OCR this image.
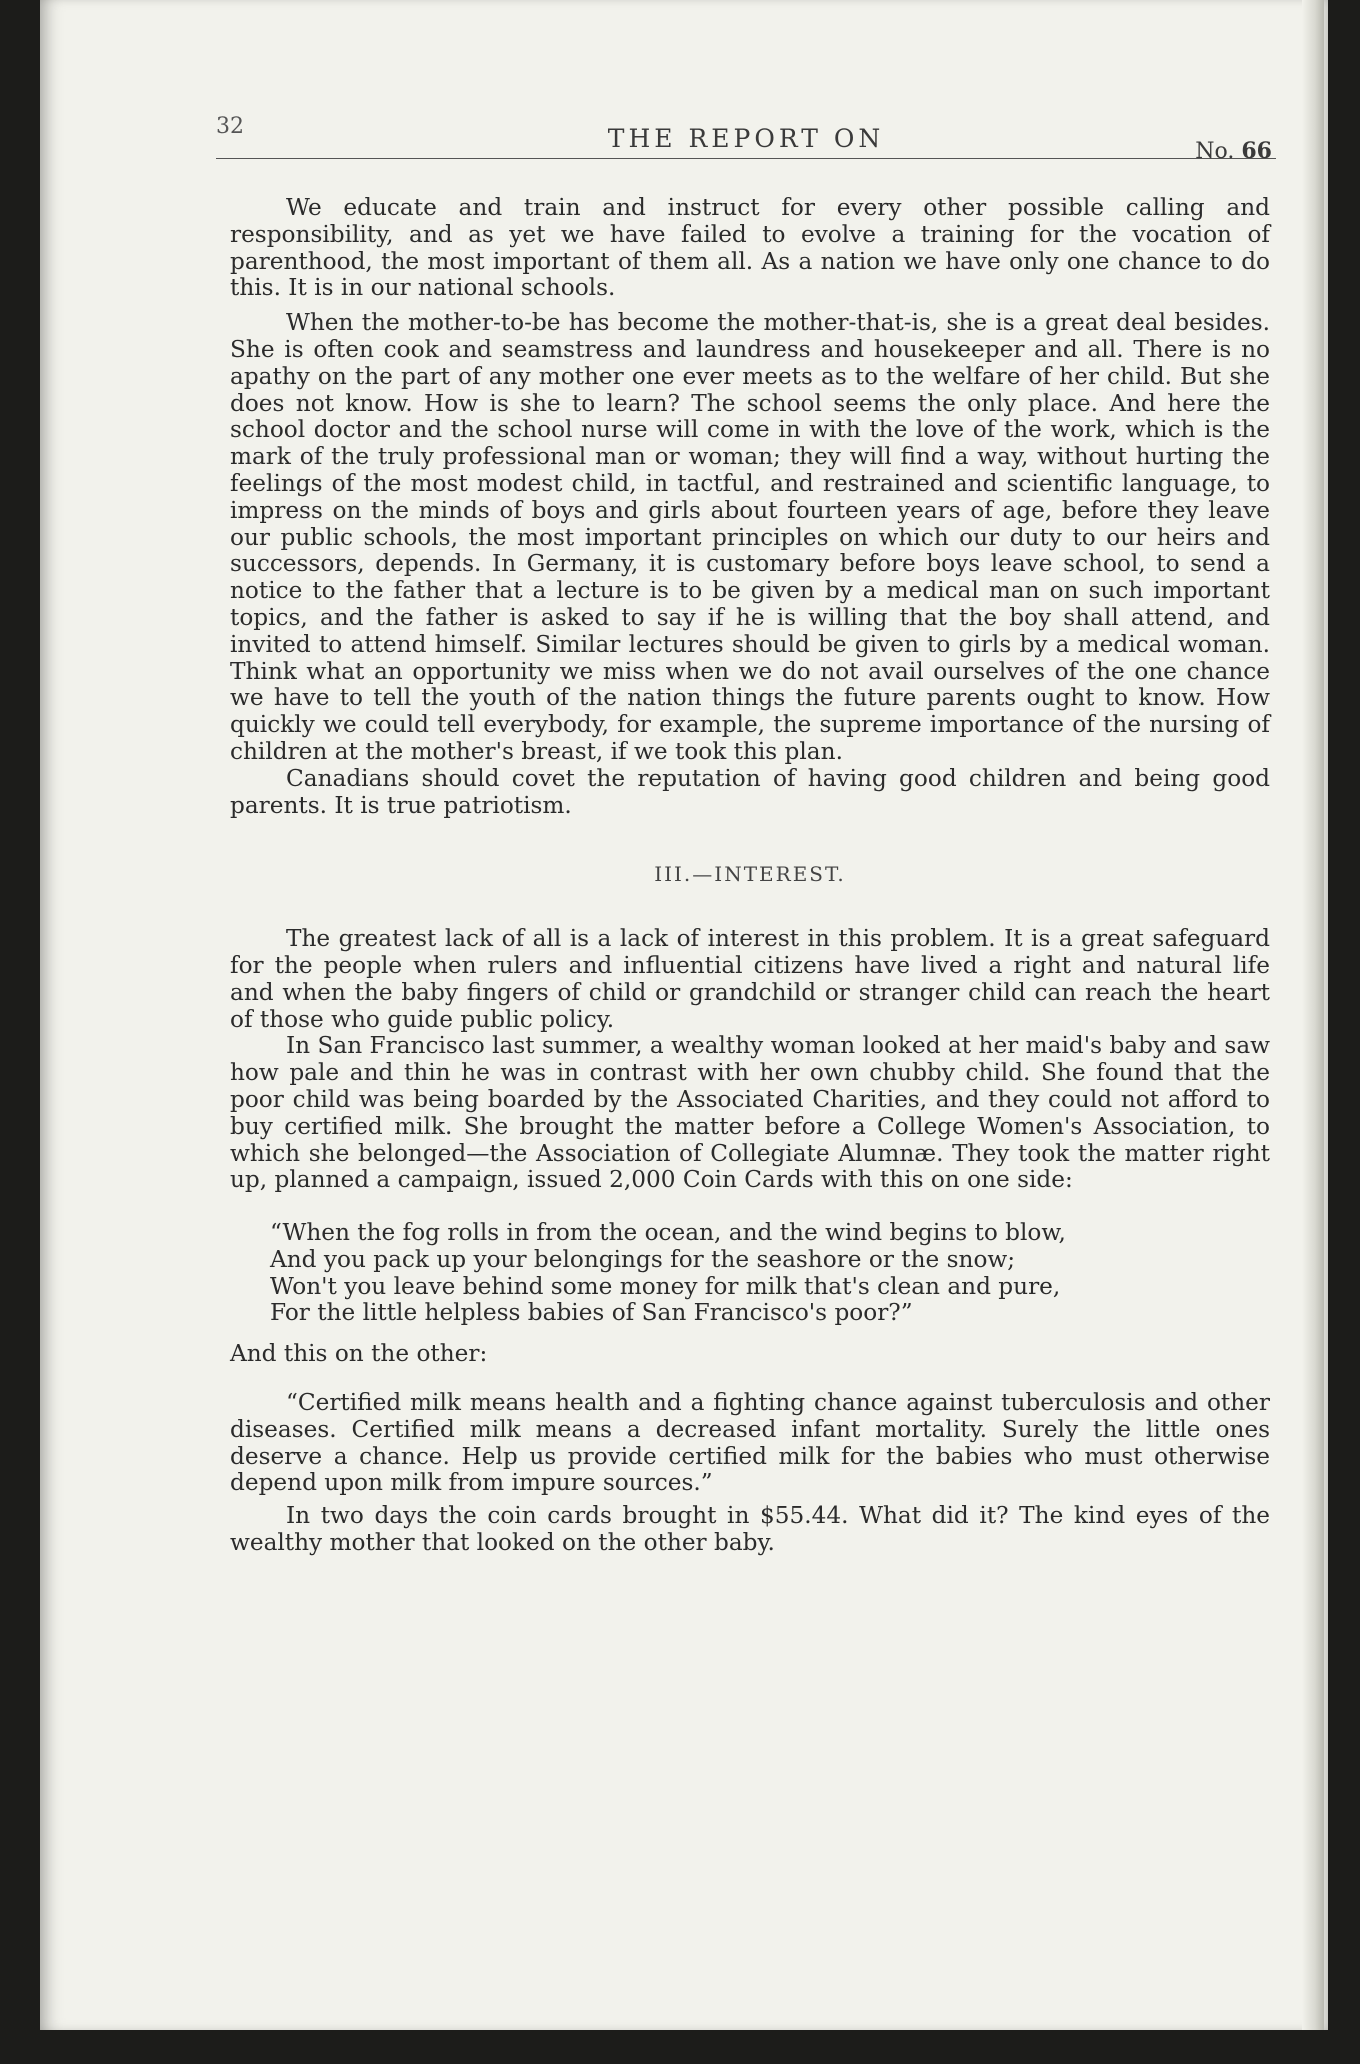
32	THE REPORT ON	No. 66

We educate and train and instruct for every other possible calling and responsibility, and as yet we have failed to evolve a training for the vocation of parenthood, the most important of them all. As a nation we have only one chance to do this. It is in our national schools.

When the mother-to-be has become the mother-that-is, she is a great deal besides. She is often cook and seamstress and laundress and housekeeper and all. There is no apathy on the part of any mother one ever meets as to the welfare of her child. But she does not know. How is she to learn? The school seems the only place. And here the school doctor and the school nurse will come in with the love of the work, which is the mark of the truly professional man or woman; they will find a way, without hurting the feelings of the most modest child, in tactful, and restrained and scientific language, to impress on the minds of boys and girls about fourteen years of age, before they leave our public schools, the most important principles on which our duty to our heirs and successors, depends. In Germany, it is customary before boys leave school, to send a notice to the father that a lecture is to be given by a medical man on such important topics, and the father is asked to say if he is willing that the boy shall attend, and invited to attend himself. Similar lectures should be given to girls by a medical woman. Think what an opportunity we miss when we do not avail ourselves of the one chance we have to tell the youth of the nation things the future parents ought to know. How quickly we could tell everybody, for example, the supreme importance of the nursing of children at the mother's breast, if we took this plan.

Canadians should covet the reputation of having good children and being good parents. It is true patriotism.

III.—INTEREST.

The greatest lack of all is a lack of interest in this problem. It is a great safeguard for the people when rulers and influential citizens have lived a right and natural life and when the baby fingers of child or grandchild or stranger child can reach the heart of those who guide public policy.

In San Francisco last summer, a wealthy woman looked at her maid's baby and saw how pale and thin he was in contrast with her own chubby child. She found that the poor child was being boarded by the Associated Charities, and they could not afford to buy certified milk. She brought the matter before a College Women's Association, to which she belonged—the Association of Collegiate Alumnæ. They took the matter right up, planned a campaign, issued 2,000 Coin Cards with this on one side:

“When the fog rolls in from the ocean, and the wind begins to blow,
And you pack up your belongings for the seashore or the snow;
Won't you leave behind some money for milk that's clean and pure,
For the little helpless babies of San Francisco's poor?”

And this on the other:

“Certified milk means health and a fighting chance against tuberculosis and other diseases. Certified milk means a decreased infant mortality. Surely the little ones deserve a chance. Help us provide certified milk for the babies who must otherwise depend upon milk from impure sources.”

In two days the coin cards brought in $55.44. What did it? The kind eyes of the wealthy mother that looked on the other baby.
